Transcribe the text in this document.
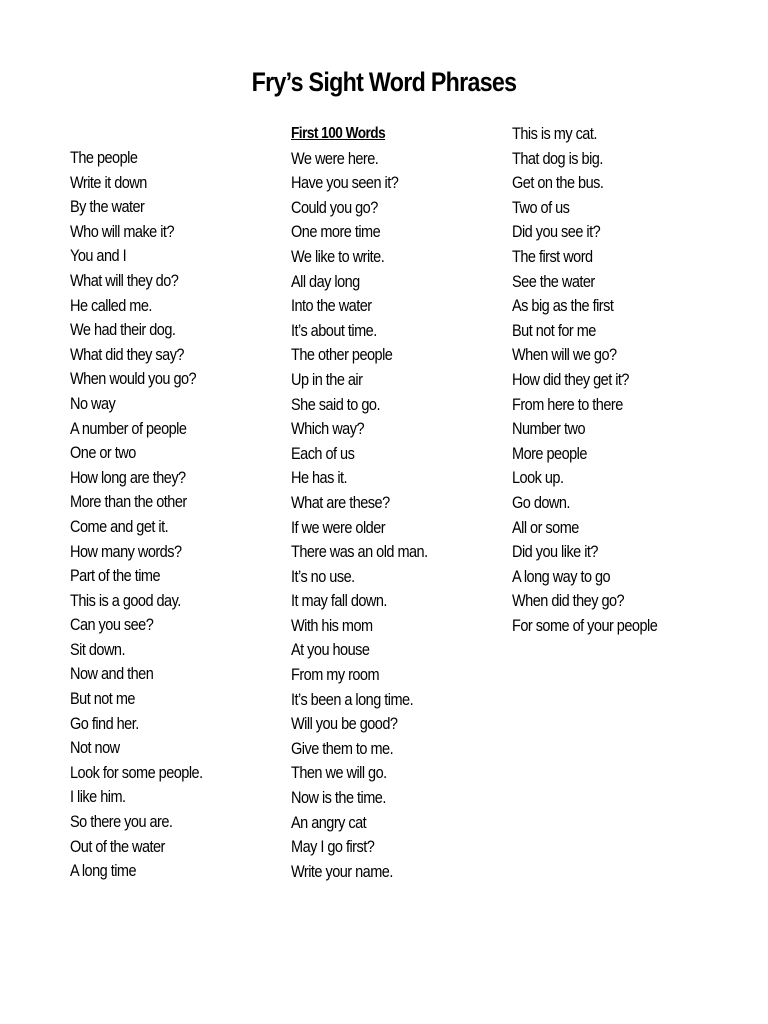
Fry’s Sight Word Phrases
The people
Write it down
By the water
Who will make it?
You and I
What will they do?
He called me.
We had their dog.
What did they say?
When would you go?
No way
A number of people
One or two
How long are they?
More than the other
Come and get it.
How many words?
Part of the time
This is a good day.
Can you see?
Sit down.
Now and then
But not me
Go find her.
Not now
Look for some people.
I like him.
So there you are.
Out of the water
A long time
First 100 Words
We were here.
Have you seen it?
Could you go?
One more time
We like to write.
All day long
Into the water
It’s about time.
The other people
Up in the air
She said to go.
Which way?
Each of us
He has it.
What are these?
If we were older
There was an old man.
It’s no use.
It may fall down.
With his mom
At you house
From my room
It’s been a long time.
Will you be good?
Give them to me.
Then we will go.
Now is the time.
An angry cat
May I go first?
Write your name.
This is my cat.
That dog is big.
Get on the bus.
Two of us
Did you see it?
The first word
See the water
As big as the first
But not for me
When will we go?
How did they get it?
From here to there
Number two
More people
Look up.
Go down.
All or some
Did you like it?
A long way to go
When did they go?
For some of your people
